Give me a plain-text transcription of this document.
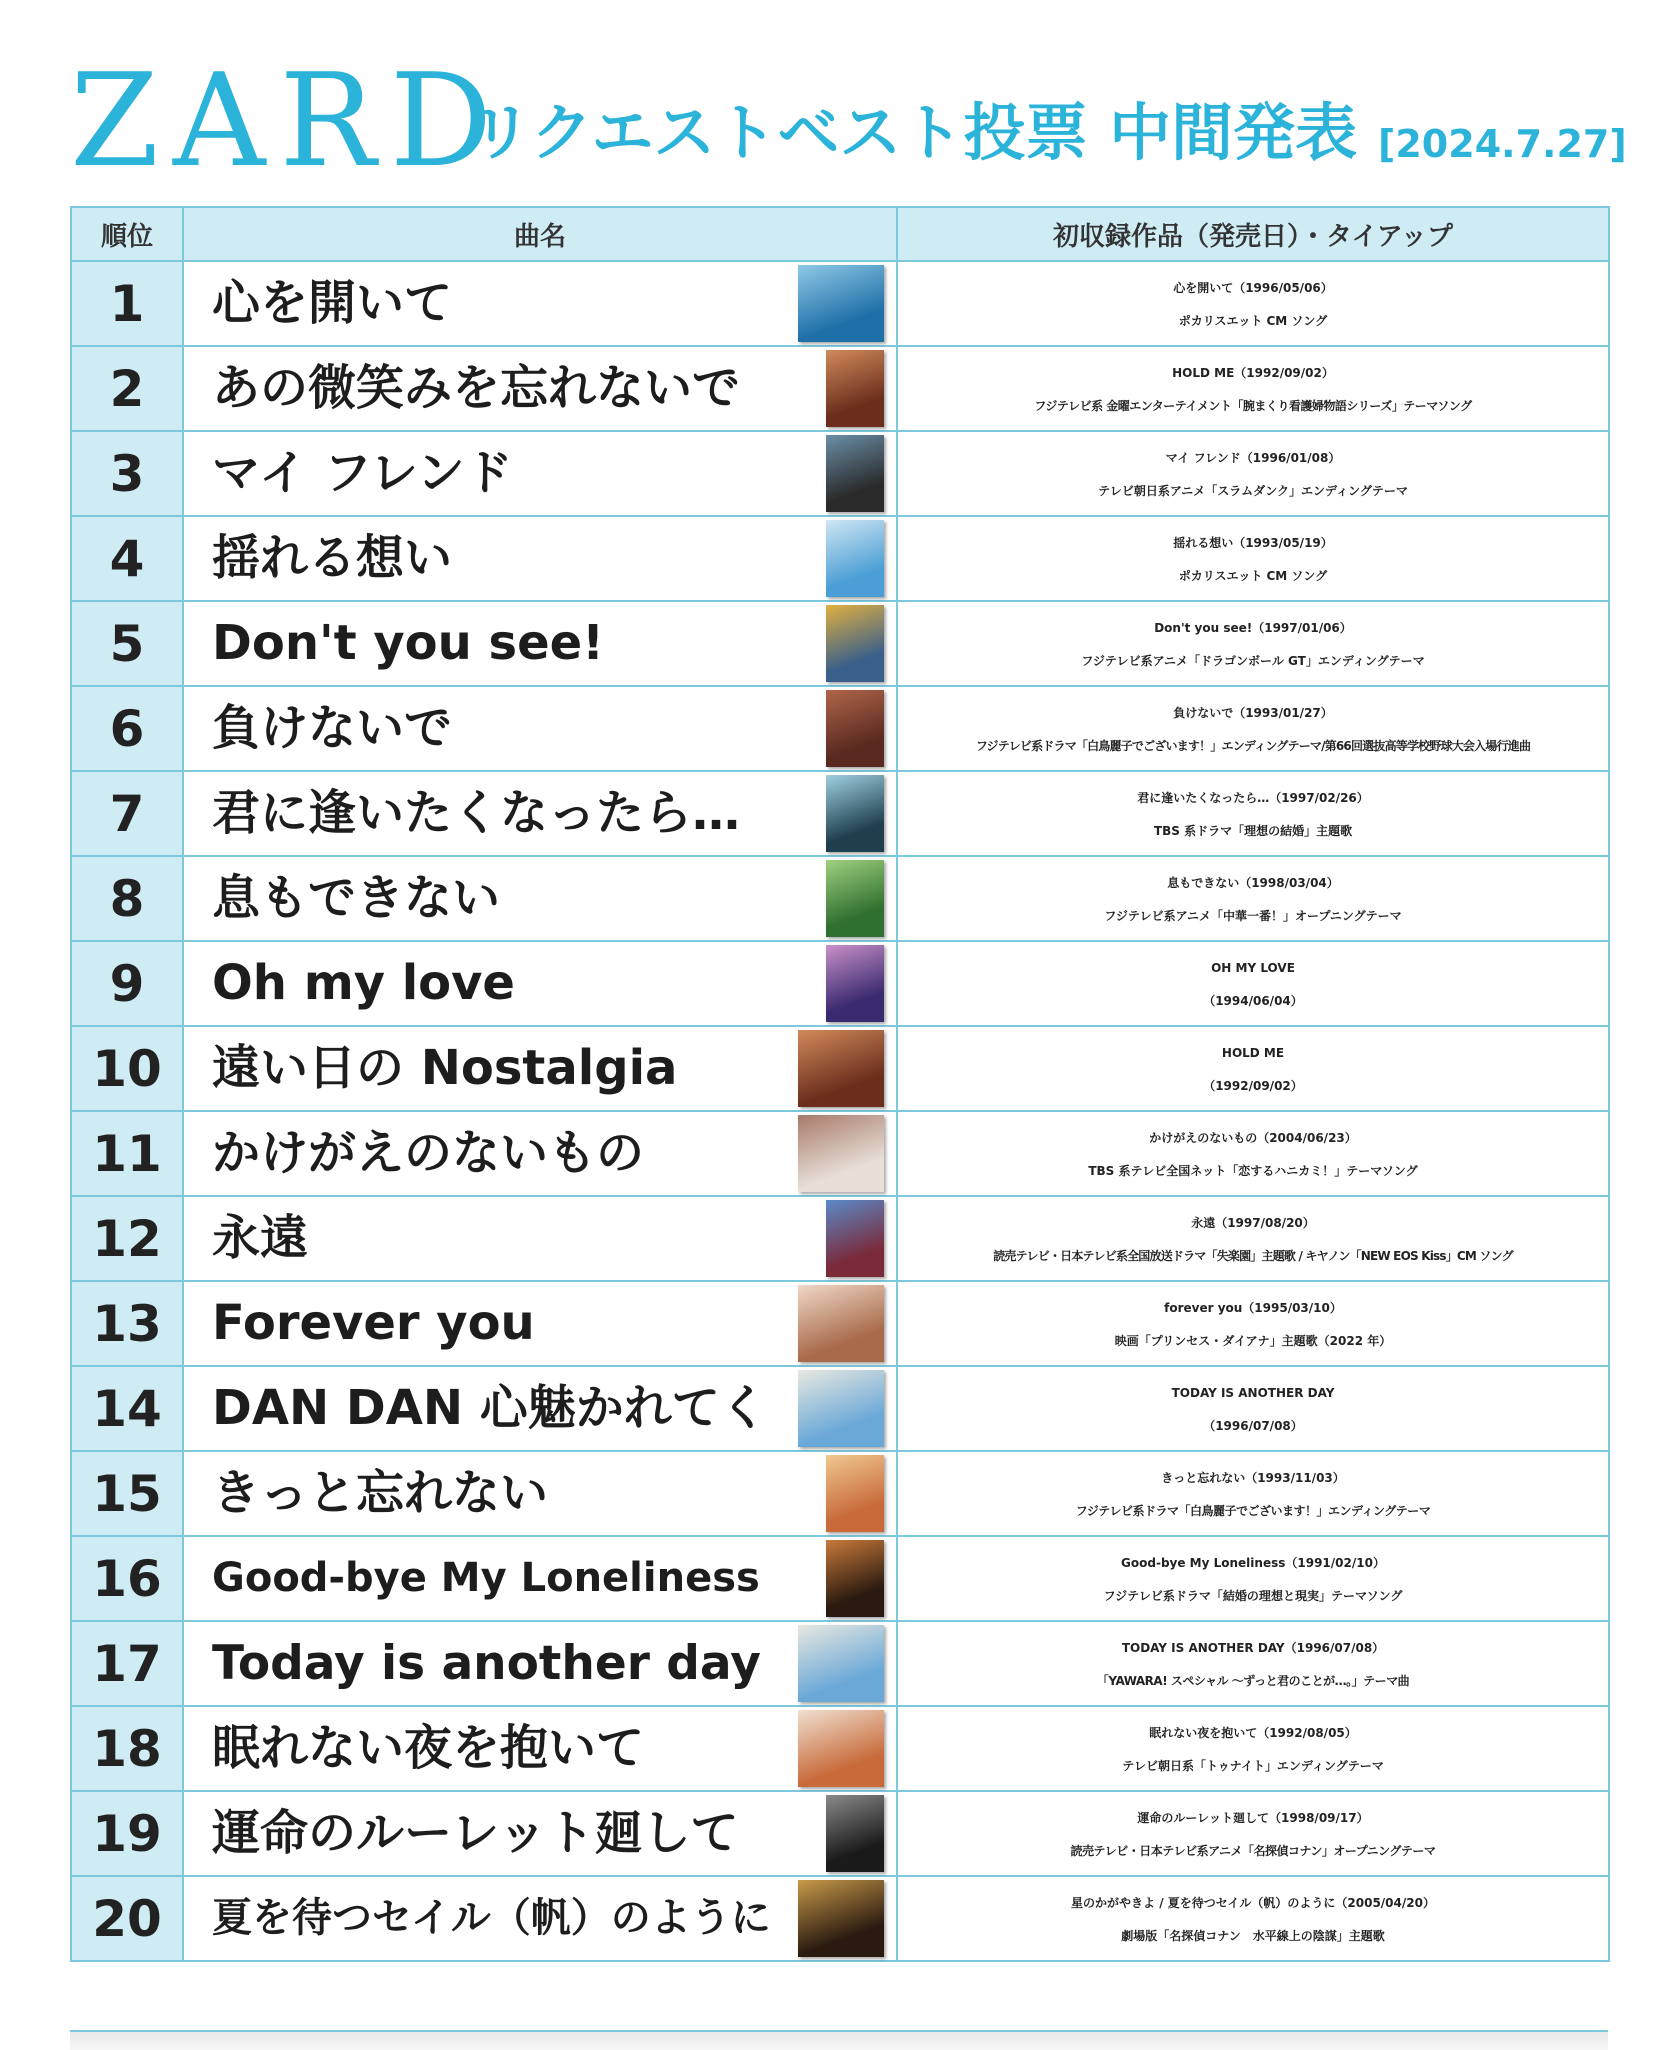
ZARD
リクエストベスト投票 中間発表 [2024.7.27]
順位	曲名	初収録作品（発売日）・タイアップ
1	心を開いて	心を開いて（1996/05/06）
ポカリスエット CM ソング

2	あの微笑みを忘れないで	HOLD ME（1992/09/02）
フジテレビ系 金曜エンターテイメント「腕まくり看護婦物語シリーズ」テーマソング

3	マイ フレンド	マイ フレンド（1996/01/08）
テレビ朝日系アニメ「スラムダンク」エンディングテーマ

4	揺れる想い	揺れる想い（1993/05/19）
ポカリスエット CM ソング

5	Don't you see!	Don't you see!（1997/01/06）
フジテレビ系アニメ「ドラゴンボール GT」エンディングテーマ

6	負けないで	負けないで（1993/01/27）
フジテレビ系ドラマ「白鳥麗子でございます！」エンディングテーマ/第66回選抜高等学校野球大会入場行進曲

7	君に逢いたくなったら…	君に逢いたくなったら…（1997/02/26）
TBS 系ドラマ「理想の結婚」主題歌

8	息もできない	息もできない（1998/03/04）
フジテレビ系アニメ「中華一番！」オープニングテーマ

9	Oh my love	OH MY LOVE
（1994/06/04）

10	遠い日の Nostalgia	HOLD ME
（1992/09/02）

11	かけがえのないもの	かけがえのないもの（2004/06/23）
TBS 系テレビ全国ネット「恋するハニカミ！」テーマソング

12	永遠	永遠（1997/08/20）
読売テレビ・日本テレビ系全国放送ドラマ「失楽園」主題歌 / キヤノン「NEW EOS Kiss」CM ソング

13	Forever you	forever you（1995/03/10）
映画「プリンセス・ダイアナ」主題歌（2022 年）

14	DAN DAN 心魅かれてく	TODAY IS ANOTHER DAY
（1996/07/08）

15	きっと忘れない	きっと忘れない（1993/11/03）
フジテレビ系ドラマ「白鳥麗子でございます！」エンディングテーマ

16	Good-bye My Loneliness	Good-bye My Loneliness（1991/02/10）
フジテレビ系ドラマ「結婚の理想と現実」テーマソング

17	Today is another day	TODAY IS ANOTHER DAY（1996/07/08）
「YAWARA! スペシャル ～ずっと君のことが…。」テーマ曲

18	眠れない夜を抱いて	眠れない夜を抱いて（1992/08/05）
テレビ朝日系「トゥナイト」エンディングテーマ

19	運命のルーレット廻して	運命のルーレット廻して（1998/09/17）
読売テレビ・日本テレビ系アニメ「名探偵コナン」オープニングテーマ

20	夏を待つセイル（帆）のように	星のかがやきよ / 夏を待つセイル（帆）のように（2005/04/20）
劇場版「名探偵コナン　水平線上の陰謀」主題歌
